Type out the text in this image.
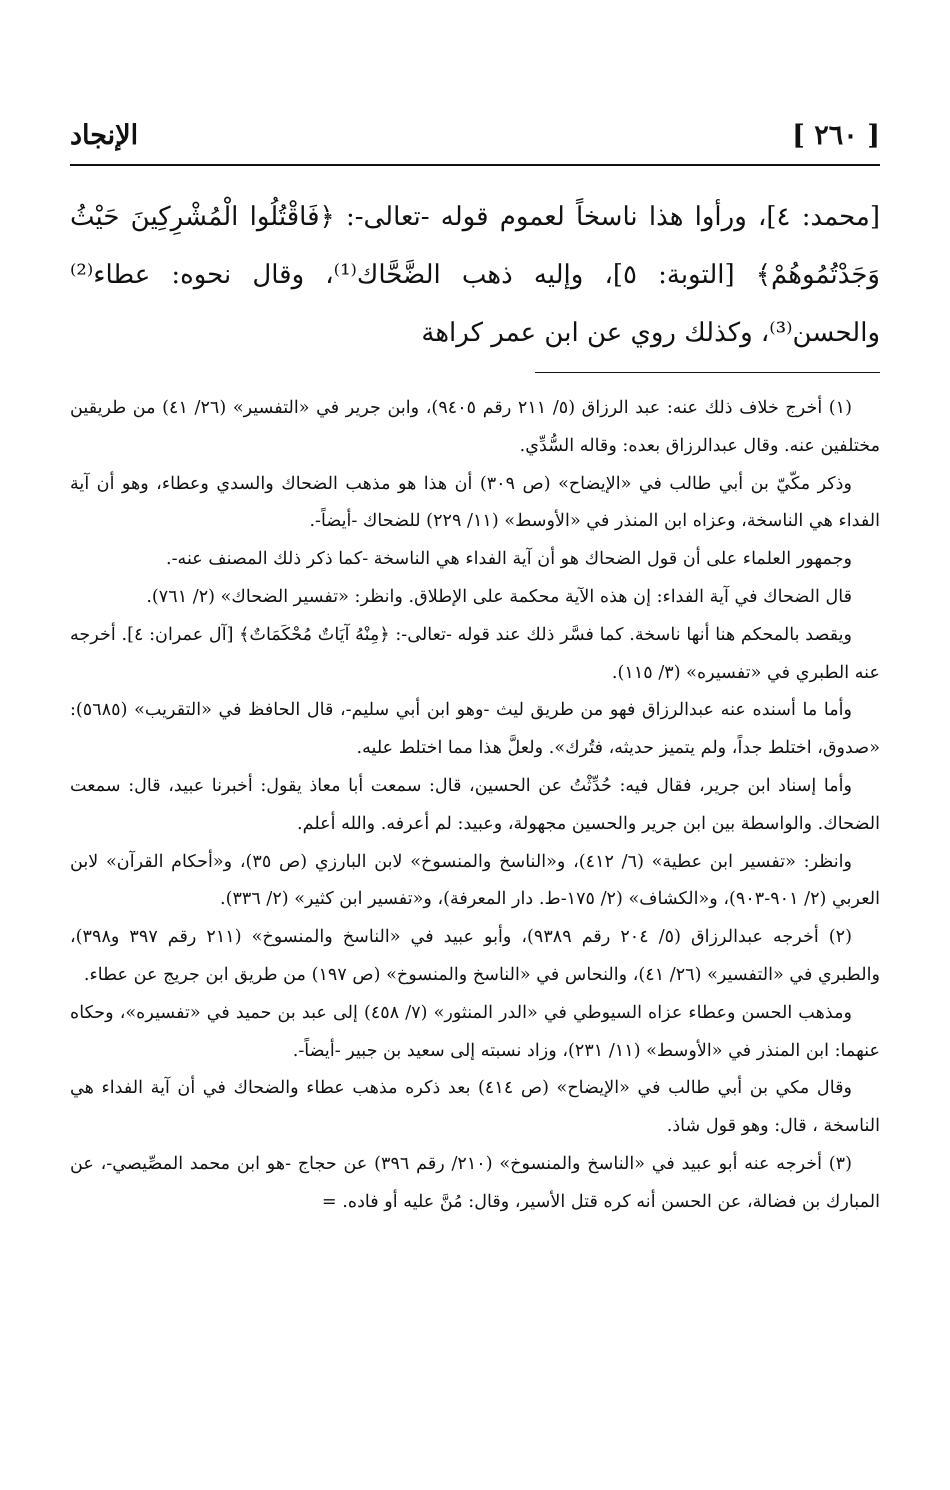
[ ٢٦٠ ]
الإنجاد

[محمد: ٤]، ورأوا هذا ناسخاً لعموم قوله -تعالى-: ﴿فَاقْتُلُوا الْمُشْرِكِينَ حَيْثُ وَجَدْتُمُوهُمْ﴾ [التوبة: ٥]، وإليه ذهب الضَّحَّاك⁽¹⁾، وقال نحوه: عطاء⁽²⁾ والحسن⁽³⁾، وكذلك روي عن ابن عمر كراهة

(١) أخرج خلاف ذلك عنه: عبد الرزاق (٥/ ٢١١ رقم ٩٤٠٥)، وابن جرير في «التفسير» (٢٦/ ٤١) من طريقين مختلفين عنه. وقال عبدالرزاق بعده: وقاله السُّدِّي.

وذكر مكّيّ بن أبي طالب في «الإيضاح» (ص ٣٠٩) أن هذا هو مذهب الضحاك والسدي وعطاء، وهو أن آية الفداء هي الناسخة، وعزاه ابن المنذر في «الأوسط» (١١/ ٢٢٩) للضحاك -أيضاً-.

وجمهور العلماء على أن قول الضحاك هو أن آية الفداء هي الناسخة -كما ذكر ذلك المصنف عنه-.

قال الضحاك في آية الفداء: إن هذه الآية محكمة على الإطلاق. وانظر: «تفسير الضحاك» (٢/ ٧٦١).

ويقصد بالمحكم هنا أنها ناسخة. كما فسَّر ذلك عند قوله -تعالى-: ﴿مِنْهُ آيَاتٌ مُحْكَمَاتٌ﴾ [آل عمران: ٤]. أخرجه عنه الطبري في «تفسيره» (٣/ ١١٥).

وأما ما أسنده عنه عبدالرزاق فهو من طريق ليث -وهو ابن أبي سليم-، قال الحافظ في «التقريب» (٥٦٨٥): «صدوق، اختلط جداً، ولم يتميز حديثه، فتُرك». ولعلَّ هذا مما اختلط عليه.

وأما إسناد ابن جرير، فقال فيه: حُدِّثْتُ عن الحسين، قال: سمعت أبا معاذ يقول: أخبرنا عبيد، قال: سمعت الضحاك. والواسطة بين ابن جرير والحسين مجهولة، وعبيد: لم أعرفه. والله أعلم.

وانظر: «تفسير ابن عطية» (٦/ ٤١٢)، و«الناسخ والمنسوخ» لابن البارزي (ص ٣٥)، و«أحكام القرآن» لابن العربي (٢/ ٩٠١-٩٠٣)، و«الكشاف» (٢/ ١٧٥-ط. دار المعرفة)، و«تفسير ابن كثير» (٢/ ٣٣٦).

(٢) أخرجه عبدالرزاق (٥/ ٢٠٤ رقم ٩٣٨٩)، وأبو عبيد في «الناسخ والمنسوخ» (٢١١ رقم ٣٩٧ و٣٩٨)، والطبري في «التفسير» (٢٦/ ٤١)، والنحاس في «الناسخ والمنسوخ» (ص ١٩٧) من طريق ابن جريج عن عطاء.

ومذهب الحسن وعطاء عزاه السيوطي في «الدر المنثور» (٧/ ٤٥٨) إلى عبد بن حميد في «تفسيره»، وحكاه عنهما: ابن المنذر في «الأوسط» (١١/ ٢٣١)، وزاد نسبته إلى سعيد بن جبير -أيضاً-.

وقال مكي بن أبي طالب في «الإيضاح» (ص ٤١٤) بعد ذكره مذهب عطاء والضحاك في أن آية الفداء هي الناسخة ، قال: وهو قول شاذ.

(٣) أخرجه عنه أبو عبيد في «الناسخ والمنسوخ» (٢١٠/ رقم ٣٩٦) عن حجاج -هو ابن محمد المصِّيصي-، عن المبارك بن فضالة، عن الحسن أنه كره قتل الأسير، وقال: مُنَّ عليه أو فاده. =
